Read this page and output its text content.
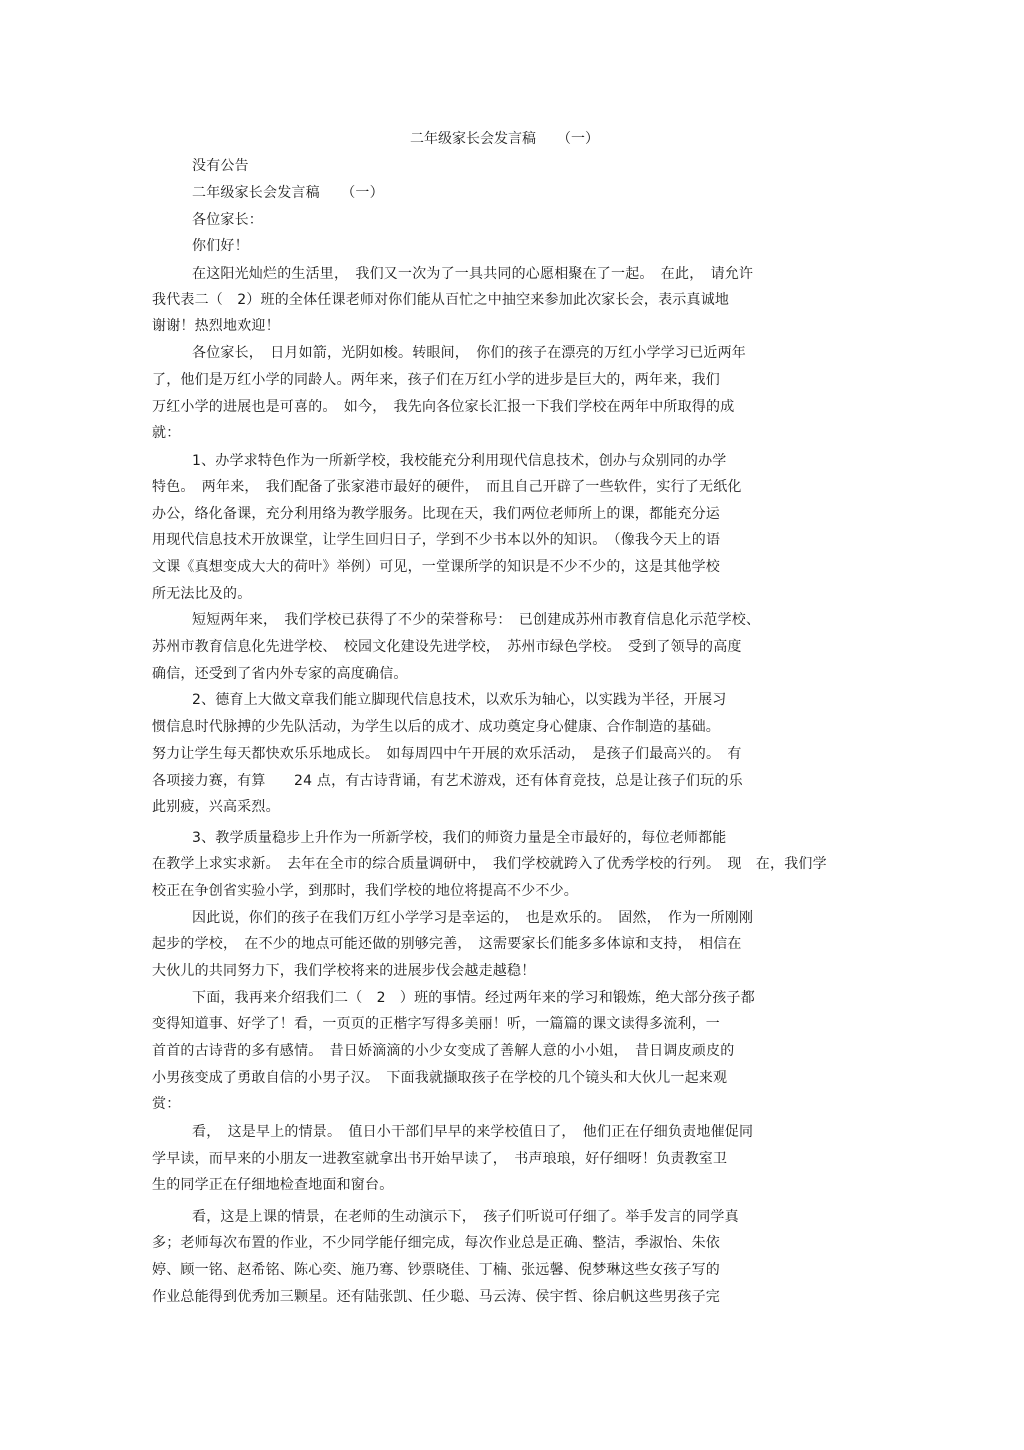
二年级家长会发言稿　　（一）
没有公告
二年级家长会发言稿　　（一）
各位家长：
你们好！
在这阳光灿烂的生活里，　我们又一次为了一具共同的心愿相聚在了一起。　在此，　请允许
我代表二（　2）班的全体任课老师对你们能从百忙之中抽空来参加此次家长会，表示真诚地
谢谢！热烈地欢迎！
各位家长，　日月如箭，光阴如梭。转眼间，　你们的孩子在漂亮的万红小学学习已近两年
了，他们是万红小学的同龄人。两年来，孩子们在万红小学的进步是巨大的，两年来，我们
万红小学的进展也是可喜的。　如今，　我先向各位家长汇报一下我们学校在两年中所取得的成
就：
1、办学求特色作为一所新学校，我校能充分利用现代信息技术，创办与众别同的办学
特色。　两年来，　我们配备了张家港市最好的硬件，　而且自己开辟了一些软件，实行了无纸化
办公，络化备课，充分利用络为教学服务。比现在天，我们两位老师所上的课，都能充分运
用现代信息技术开放课堂，让学生回归日子，学到不少书本以外的知识。　（像我今天上的语
文课《真想变成大大的荷叶》举例）可见，一堂课所学的知识是不少不少的，这是其他学校
所无法比及的。
短短两年来，　我们学校已获得了不少的荣誉称号：　已创建成苏州市教育信息化示范学校、
苏州市教育信息化先进学校、　校园文化建设先进学校，　苏州市绿色学校。　受到了领导的高度
确信，还受到了省内外专家的高度确信。
2、德育上大做文章我们能立脚现代信息技术，以欢乐为轴心，以实践为半径，开展习
惯信息时代脉搏的少先队活动，为学生以后的成才、成功奠定身心健康、合作制造的基础。
努力让学生每天都快欢乐乐地成长。　如每周四中午开展的欢乐活动，　是孩子们最高兴的。　有
各项接力赛，有算　　24 点，有古诗背诵，有艺术游戏，还有体育竞技，总是让孩子们玩的乐
此别疲，兴高采烈。
3、教学质量稳步上升作为一所新学校，我们的师资力量是全市最好的，每位老师都能
在教学上求实求新。　去年在全市的综合质量调研中，　我们学校就跨入了优秀学校的行列。　现　在，我们学
校正在争创省实验小学，到那时，我们学校的地位将提高不少不少。
因此说，你们的孩子在我们万红小学学习是幸运的，　也是欢乐的。　固然，　作为一所刚刚
起步的学校，　在不少的地点可能还做的别够完善，　这需要家长们能多多体谅和支持，　相信在
大伙儿的共同努力下，我们学校将来的进展步伐会越走越稳！
下面，我再来介绍我们二（　2　）班的事情。经过两年来的学习和锻炼，绝大部分孩子都
变得知道事、好学了！看，一页页的正楷字写得多美丽！听，一篇篇的课文读得多流利，一
首首的古诗背的多有感情。　昔日娇滴滴的小少女变成了善解人意的小小姐，　昔日调皮顽皮的
小男孩变成了勇敢自信的小男子汉。　下面我就撷取孩子在学校的几个镜头和大伙儿一起来观
赏：
看，　这是早上的情景。　值日小干部们早早的来学校值日了，　他们正在仔细负责地催促同
学早读，而早来的小朋友一进教室就拿出书开始早读了，　书声琅琅，好仔细呀！负责教室卫
生的同学正在仔细地检查地面和窗台。
看，这是上课的情景，在老师的生动演示下，　孩子们听说可仔细了。举手发言的同学真
多；老师每次布置的作业，不少同学能仔细完成，每次作业总是正确、整洁，季淑怡、朱依
婷、顾一铭、赵希铭、陈心奕、施乃骞、钞票晓佳、丁楠、张远馨、倪梦琳这些女孩子写的
作业总能得到优秀加三颗星。还有陆张凯、任少聪、马云涛、侯宇哲、徐启帆这些男孩子完
